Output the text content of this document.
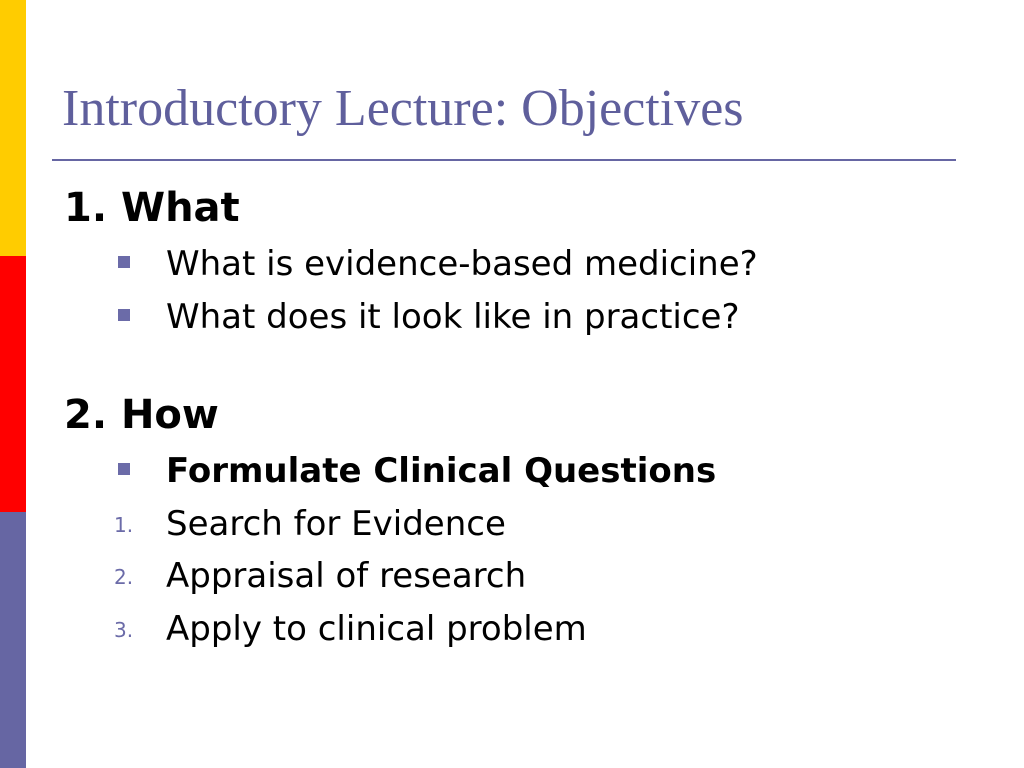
Introductory Lecture: Objectives
1. What
What is evidence-based medicine?
What does it look like in practice?
2. How
Formulate Clinical Questions
1. Search for Evidence
2. Appraisal of research
3. Apply to clinical problem
